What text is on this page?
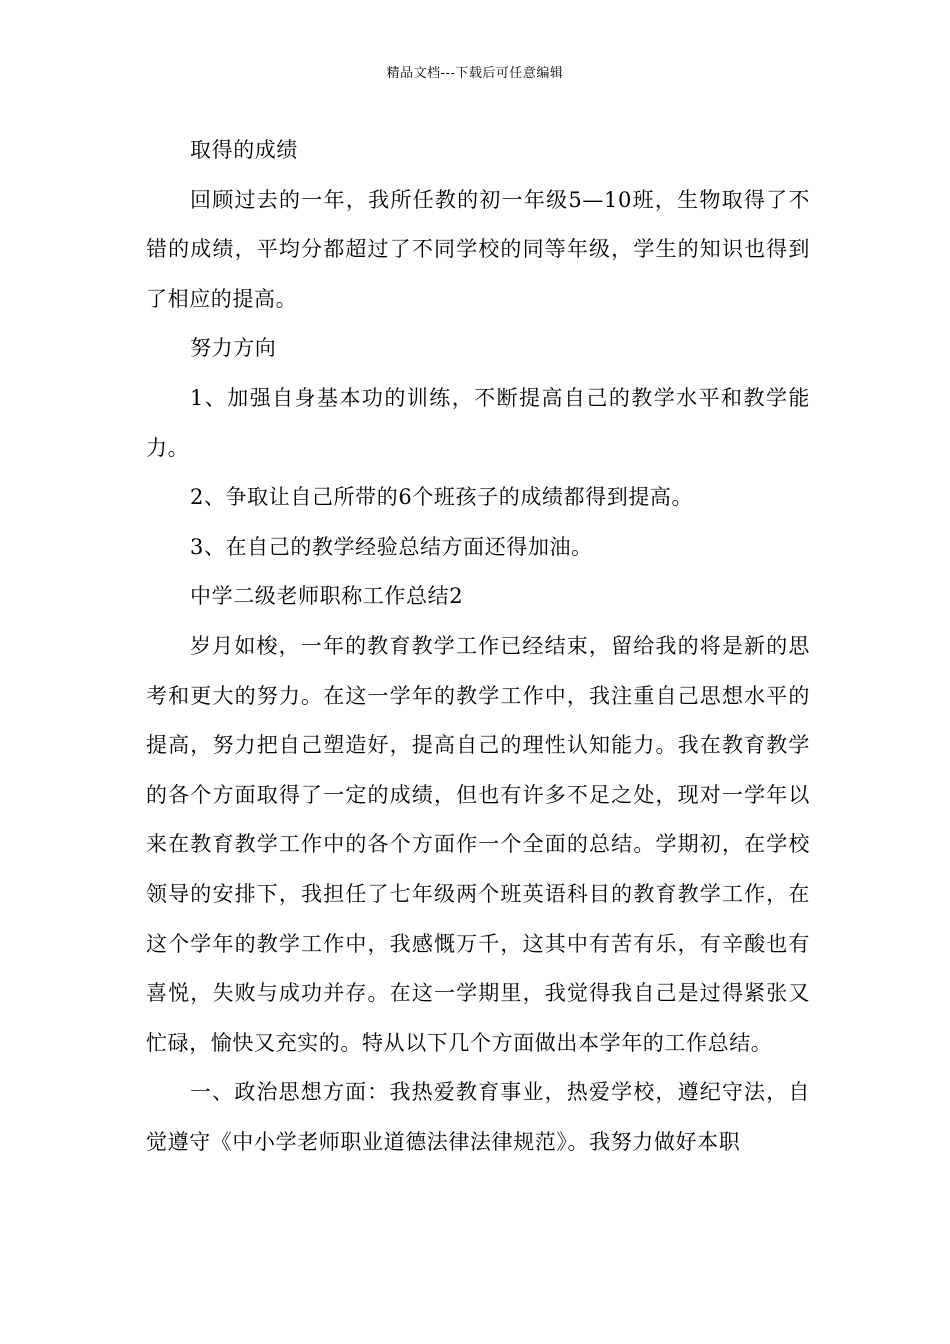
精品文档---下载后可任意编辑

取得的成绩

回顾过去的一年，我所任教的初一年级5—10班，生物取得了不错的成绩，平均分都超过了不同学校的同等年级，学生的知识也得到了相应的提高。

努力方向

1、加强自身基本功的训练，不断提高自己的教学水平和教学能力。

2、争取让自己所带的6个班孩子的成绩都得到提高。

3、在自己的教学经验总结方面还得加油。

中学二级老师职称工作总结2

岁月如梭，一年的教育教学工作已经结束，留给我的将是新的思考和更大的努力。在这一学年的教学工作中，我注重自己思想水平的提高，努力把自己塑造好，提高自己的理性认知能力。我在教育教学的各个方面取得了一定的成绩，但也有许多不足之处，现对一学年以来在教育教学工作中的各个方面作一个全面的总结。学期初，在学校领导的安排下，我担任了七年级两个班英语科目的教育教学工作，在这个学年的教学工作中，我感慨万千，这其中有苦有乐，有辛酸也有喜悦，失败与成功并存。在这一学期里，我觉得我自己是过得紧张又忙碌，愉快又充实的。特从以下几个方面做出本学年的工作总结。

一、政治思想方面：我热爱教育事业，热爱学校，遵纪守法，自觉遵守《中小学老师职业道德法律法律规范》。我努力做好本职
